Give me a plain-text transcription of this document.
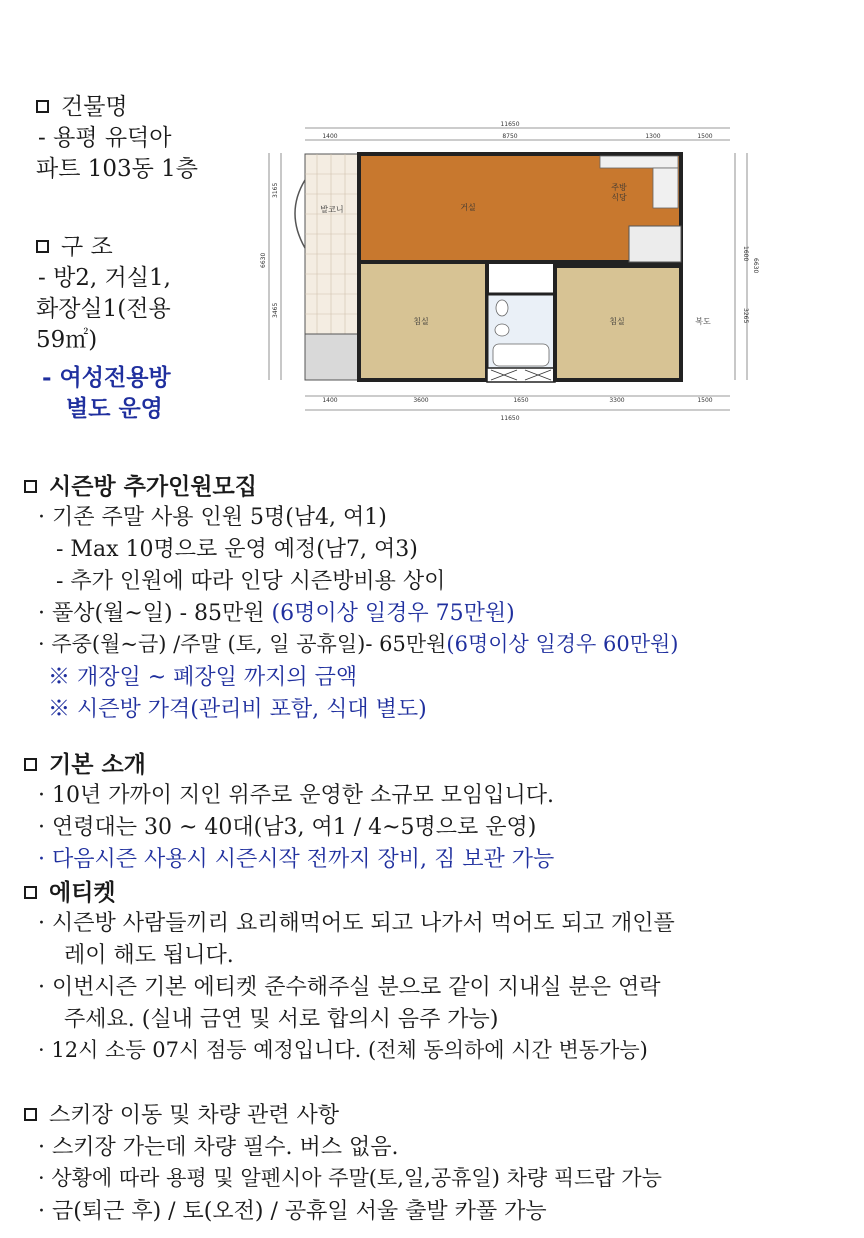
건물명
- 용평 유덕아
파트 103동 1층
구 조
- 방2, 거실1,
화장실1(전용
59㎡)
- 여성전용방
별도 운영
11650
1400	8750	1300	1500
3165
6630
3465
1600
6630
3265
발코니	거실
주방
식당
침실	침실	복도
NAVER
1400	3600	1650	3300	1500
11650
시즌방 추가인원모집
· 기존 주말 사용 인원 5명(남4, 여1)
- Max 10명으로 운영 예정(남7, 여3)
- 추가 인원에 따라 인당 시즌방비용 상이
· 풀상(월~일) - 85만원 (6명이상 일경우 75만원)
· 주중(월~금) /주말 (토, 일 공휴일)- 65만원(6명이상 일경우 60만원)
※ 개장일 ~ 폐장일 까지의 금액
※ 시즌방 가격(관리비 포함, 식대 별도)
기본 소개
· 10년 가까이 지인 위주로 운영한 소규모 모임입니다.
· 연령대는 30 ~ 40대(남3, 여1 / 4~5명으로 운영)
· 다음시즌 사용시 시즌시작 전까지 장비, 짐 보관 가능
에티켓
· 시즌방 사람들끼리 요리해먹어도 되고 나가서 먹어도 되고 개인플
레이 해도 됩니다.
· 이번시즌 기본 에티켓 준수해주실 분으로 같이 지내실 분은 연락
주세요. (실내 금연 및 서로 합의시 음주 가능)
· 12시 소등 07시 점등 예정입니다. (전체 동의하에 시간 변동가능)
스키장 이동 및 차량 관련 사항
· 스키장 가는데 차량 필수. 버스 없음.
· 상황에 따라 용평 및 알펜시아 주말(토,일,공휴일) 차량 픽드랍 가능
· 금(퇴근 후) / 토(오전) / 공휴일 서울 출발 카풀 가능
